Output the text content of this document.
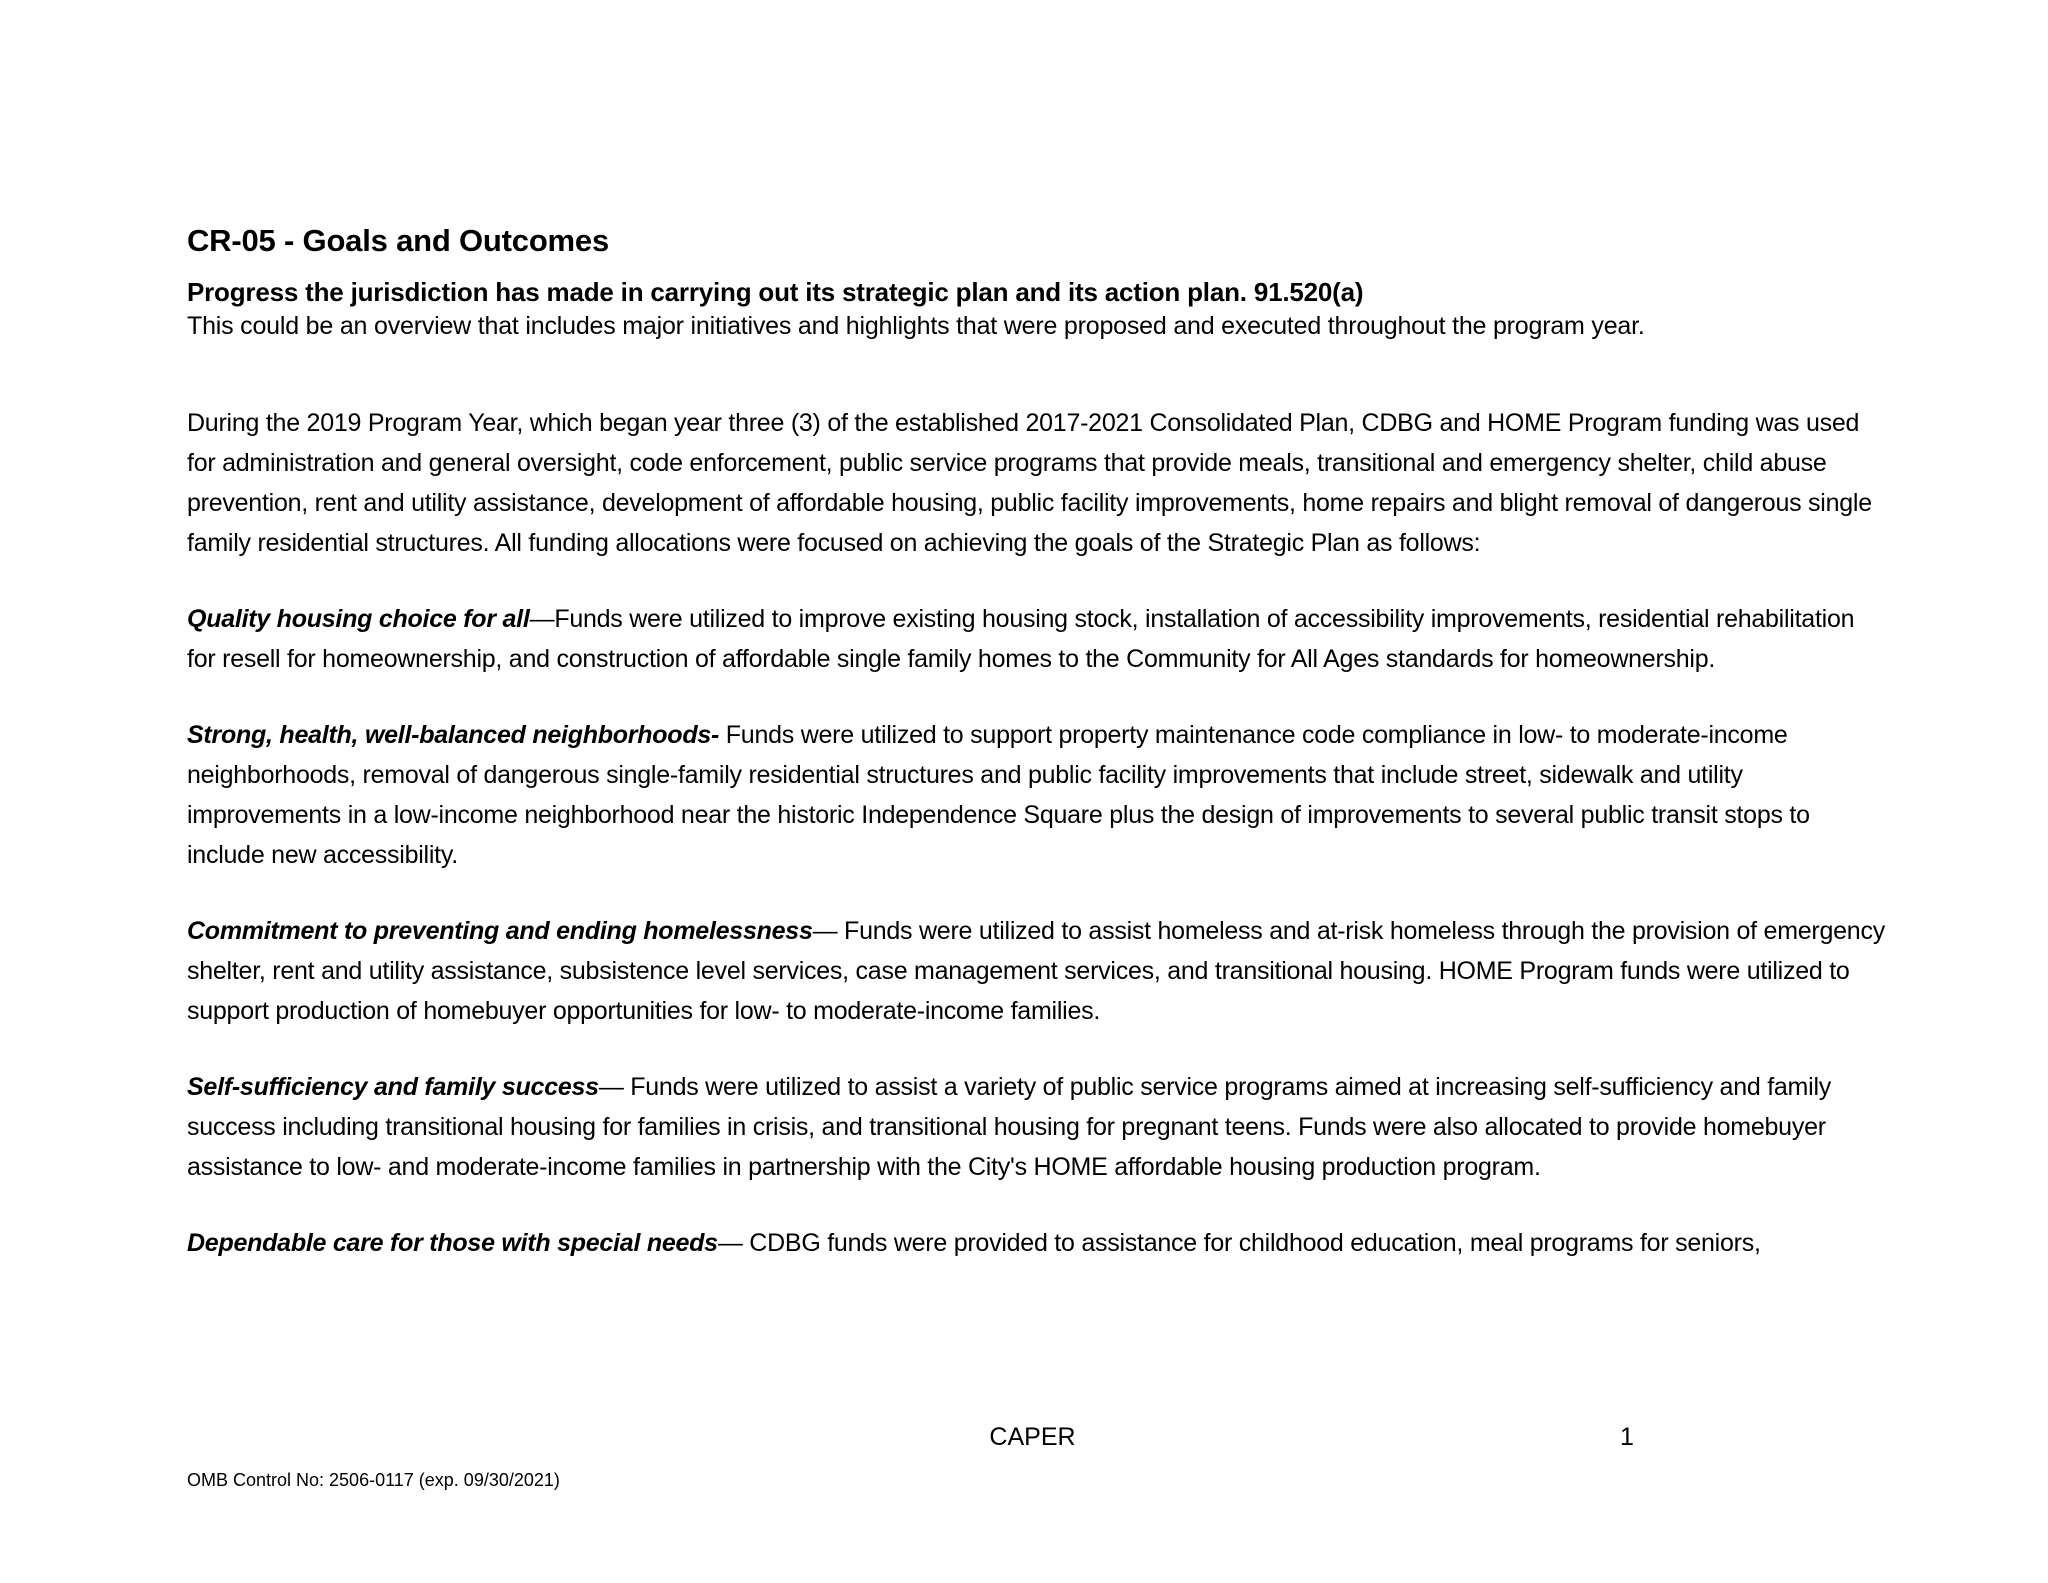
CR-05 - Goals and Outcomes

Progress the jurisdiction has made in carrying out its strategic plan and its action plan. 91.520(a)

This could be an overview that includes major initiatives and highlights that were proposed and executed throughout the program year.

During the 2019 Program Year, which began year three (3) of the established 2017-2021 Consolidated Plan, CDBG and HOME Program funding was used for administration and general oversight, code enforcement, public service programs that provide meals, transitional and emergency shelter, child abuse prevention, rent and utility assistance, development of affordable housing, public facility improvements, home repairs and blight removal of dangerous single family residential structures. All funding allocations were focused on achieving the goals of the Strategic Plan as follows:

Quality housing choice for all—Funds were utilized to improve existing housing stock, installation of accessibility improvements, residential rehabilitation for resell for homeownership, and construction of affordable single family homes to the Community for All Ages standards for homeownership.

Strong, health, well-balanced neighborhoods- Funds were utilized to support property maintenance code compliance in low- to moderate-income neighborhoods, removal of dangerous single-family residential structures and public facility improvements that include street, sidewalk and utility improvements in a low-income neighborhood near the historic Independence Square plus the design of improvements to several public transit stops to include new accessibility.

Commitment to preventing and ending homelessness— Funds were utilized to assist homeless and at-risk homeless through the provision of emergency shelter, rent and utility assistance, subsistence level services, case management services, and transitional housing. HOME Program funds were utilized to support production of homebuyer opportunities for low- to moderate-income families.

Self-sufficiency and family success— Funds were utilized to assist a variety of public service programs aimed at increasing self-sufficiency and family success including transitional housing for families in crisis, and transitional housing for pregnant teens. Funds were also allocated to provide homebuyer assistance to low- and moderate-income families in partnership with the City's HOME affordable housing production program.

Dependable care for those with special needs— CDBG funds were provided to assistance for childhood education, meal programs for seniors,

CAPER	1
OMB Control No: 2506-0117 (exp. 09/30/2021)
